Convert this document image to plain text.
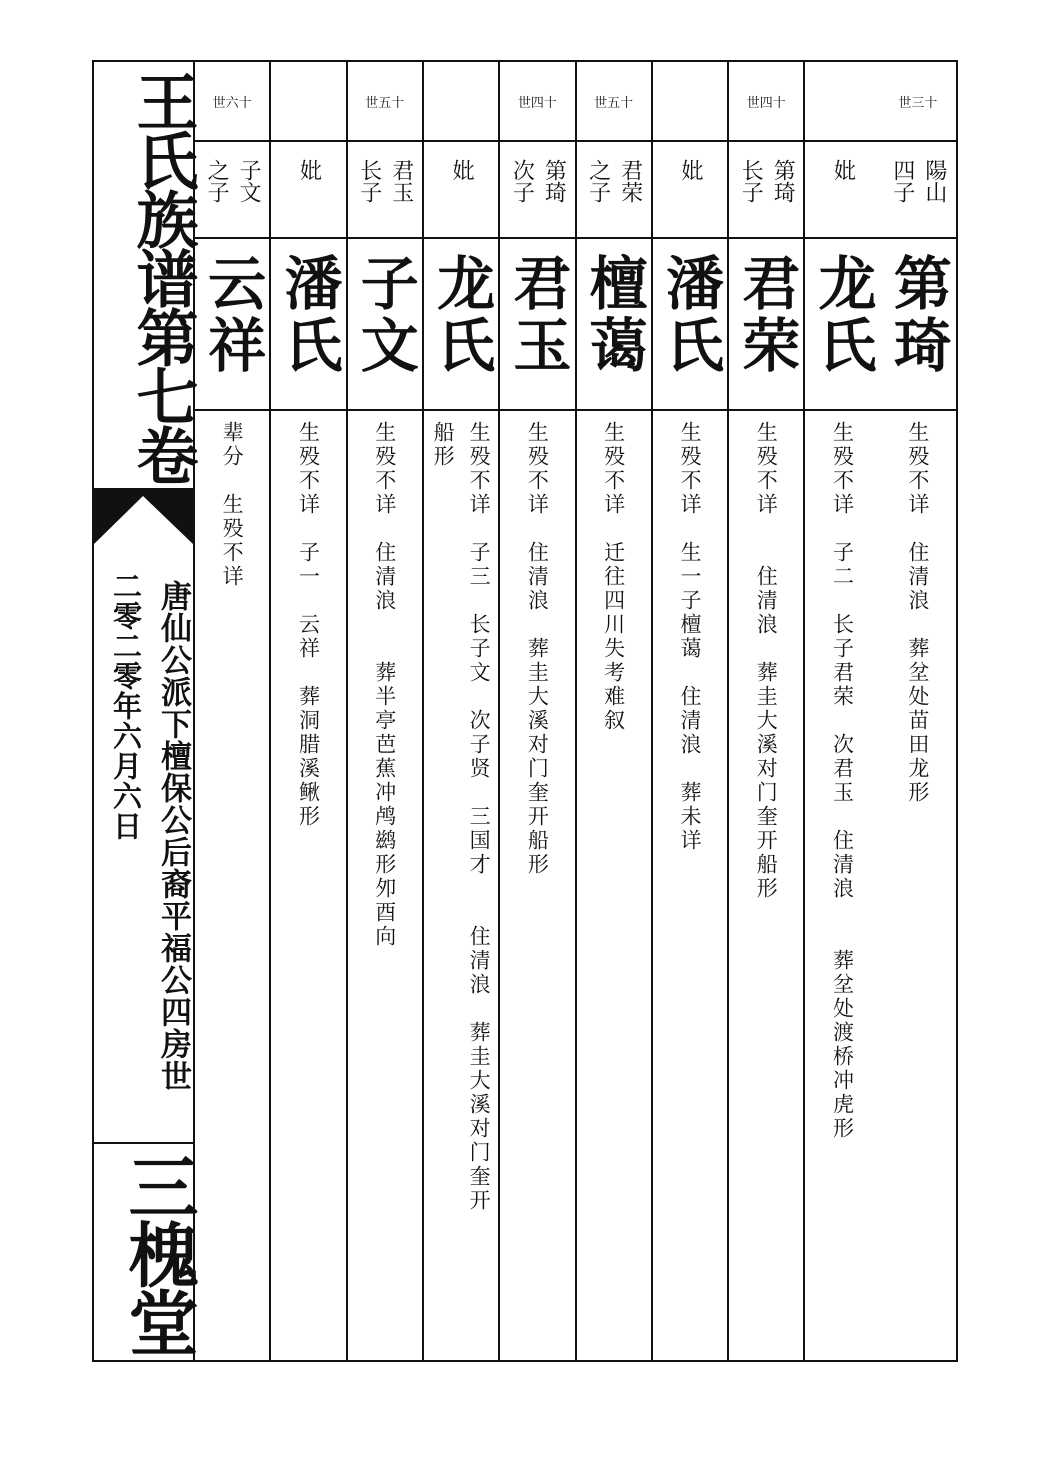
王氏族谱第七卷
唐仙公派下檀保公后裔平福公四房世
二零二零年六月六日
三槐堂
世三十
陽山四子
第琦
生殁不详　住清浪　葬坌处苗田龙形
妣
龙氏
生殁不详　子二　长子君荣　次君玉　住清浪　　葬坌处渡桥冲虎形
世四十
第琦长子
君荣
生殁不详　　住清浪　葬圭大溪对门奎开船形
妣
潘氏
生殁不详　生一子檀蔼　住清浪　葬未详
世五十
君荣之子
檀蔼
生殁不详　迁往四川失考难叙
世四十
第琦次子
君玉
生殁不详　住清浪　葬圭大溪对门奎开船形
妣
龙氏
生殁不详　子三　长子文　次子贤　三国才　　住清浪　葬圭大溪对门奎开
船形
世五十
君玉长子
子文
生殁不详　住清浪　　葬半亭芭蕉冲鸬鹚形夘酉向
妣
潘氏
生殁不详　子一　云祥　葬洞腊溪鳅形
世六十
子文之子
云祥
辈分　生殁不详
